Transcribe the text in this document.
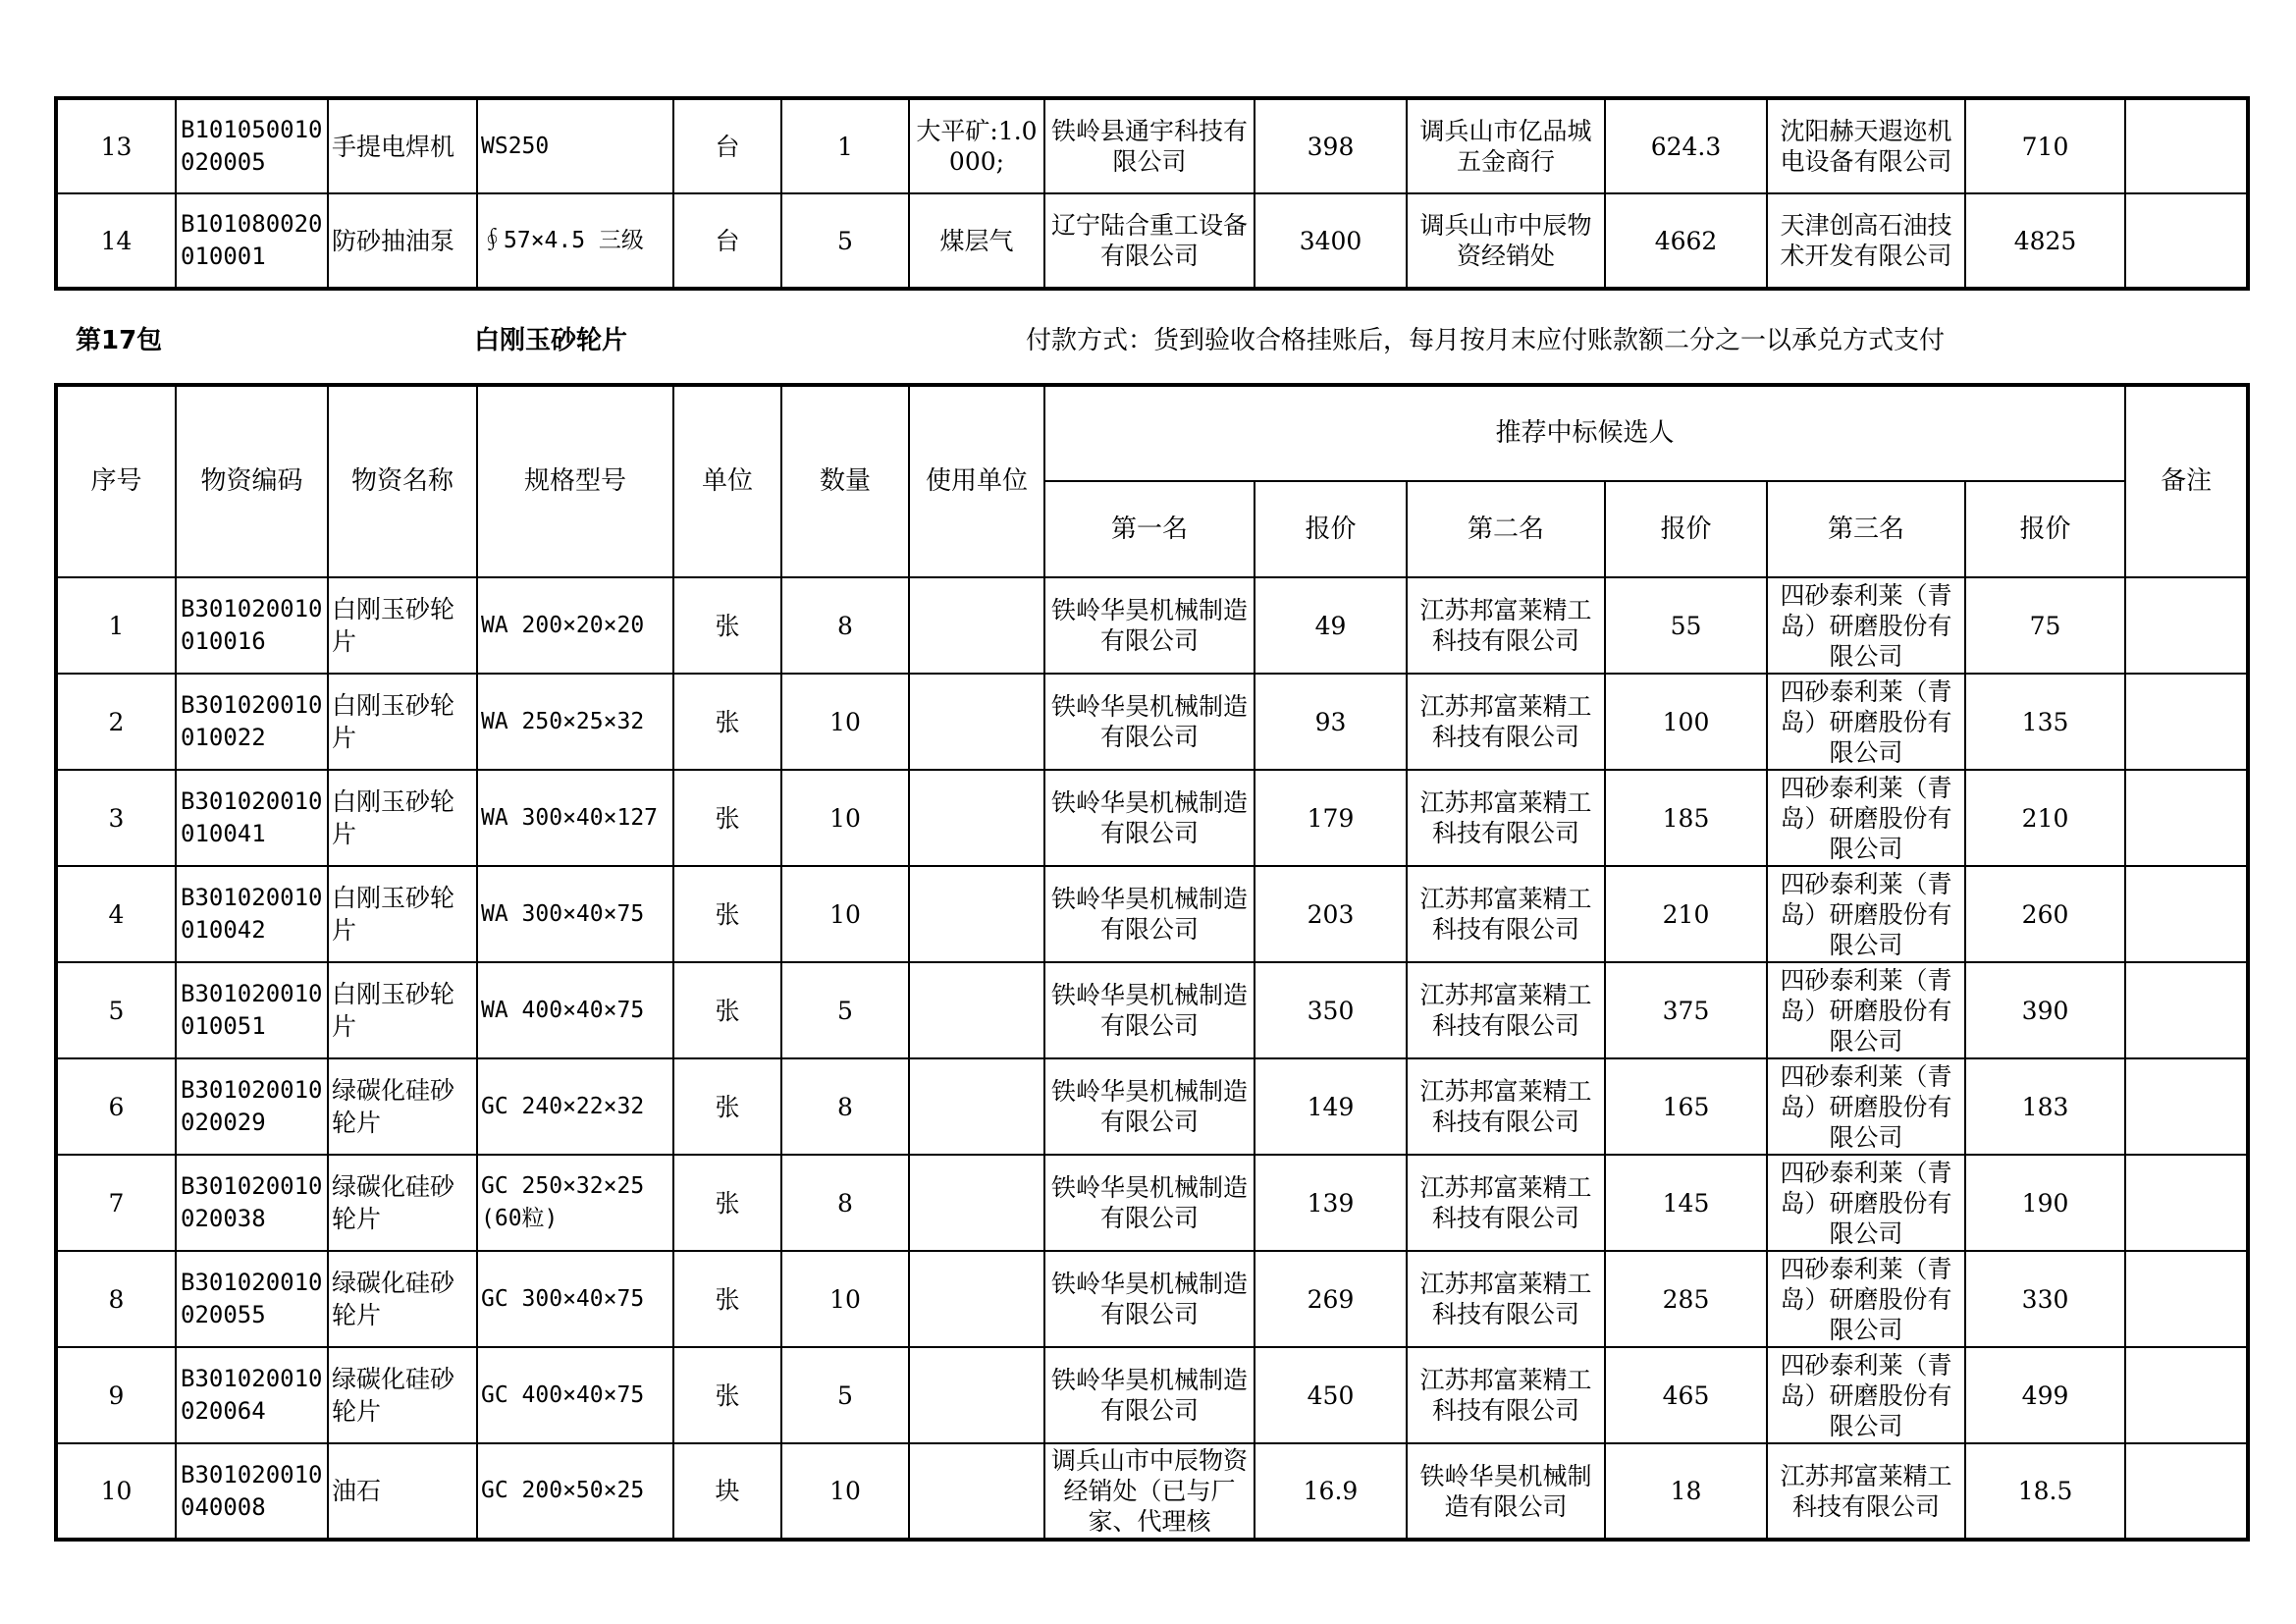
13	B101050010020005	手提电焊机	WS250	台	1	大平矿:1.0000;	铁岭县通宇科技有限公司	398	调兵山市亿品城五金商行	624.3	沈阳赫天遐迩机电设备有限公司	710	

14	B101080020010001	防砂抽油泵	∮57×4.5 三级	台	5	煤层气	辽宁陆合重工设备有限公司	3400	调兵山市中辰物资经销处	4662	天津创高石油技术开发有限公司	4825	

第17包	白刚玉砂轮片	付款方式：货到验收合格挂账后，每月按月末应付账款额二分之一以承兑方式支付
序号	物资编码	物资名称	规格型号	单位	数量	使用单位	推荐中标候选人						备注
							第一名	报价	第二名	报价	第三名	报价	

1	B301020010010016	白刚玉砂轮片	WA 200×20×20	张	8		铁岭华昊机械制造有限公司	49	江苏邦富莱精工科技有限公司	55	四砂泰利莱（青岛）研磨股份有限公司	75	

2	B301020010010022	白刚玉砂轮片	WA 250×25×32	张	10		铁岭华昊机械制造有限公司	93	江苏邦富莱精工科技有限公司	100	四砂泰利莱（青岛）研磨股份有限公司	135	

3	B301020010010041	白刚玉砂轮片	WA 300×40×127	张	10		铁岭华昊机械制造有限公司	179	江苏邦富莱精工科技有限公司	185	四砂泰利莱（青岛）研磨股份有限公司	210	

4	B301020010010042	白刚玉砂轮片	WA 300×40×75	张	10		铁岭华昊机械制造有限公司	203	江苏邦富莱精工科技有限公司	210	四砂泰利莱（青岛）研磨股份有限公司	260	

5	B301020010010051	白刚玉砂轮片	WA 400×40×75	张	5		铁岭华昊机械制造有限公司	350	江苏邦富莱精工科技有限公司	375	四砂泰利莱（青岛）研磨股份有限公司	390	

6	B301020010020029	绿碳化硅砂轮片	GC 240×22×32	张	8		铁岭华昊机械制造有限公司	149	江苏邦富莱精工科技有限公司	165	四砂泰利莱（青岛）研磨股份有限公司	183	

7	B301020010020038	绿碳化硅砂轮片	GC 250×32×25(60粒)	张	8		铁岭华昊机械制造有限公司	139	江苏邦富莱精工科技有限公司	145	四砂泰利莱（青岛）研磨股份有限公司	190	

8	B301020010020055	绿碳化硅砂轮片	GC 300×40×75	张	10		铁岭华昊机械制造有限公司	269	江苏邦富莱精工科技有限公司	285	四砂泰利莱（青岛）研磨股份有限公司	330	

9	B301020010020064	绿碳化硅砂轮片	GC 400×40×75	张	5		铁岭华昊机械制造有限公司	450	江苏邦富莱精工科技有限公司	465	四砂泰利莱（青岛）研磨股份有限公司	499	

10	B301020010040008	油石	GC 200×50×25	块	10		调兵山市中辰物资经销处（已与厂家、代理核	16.9	铁岭华昊机械制造有限公司	18	江苏邦富莱精工科技有限公司	18.5	
